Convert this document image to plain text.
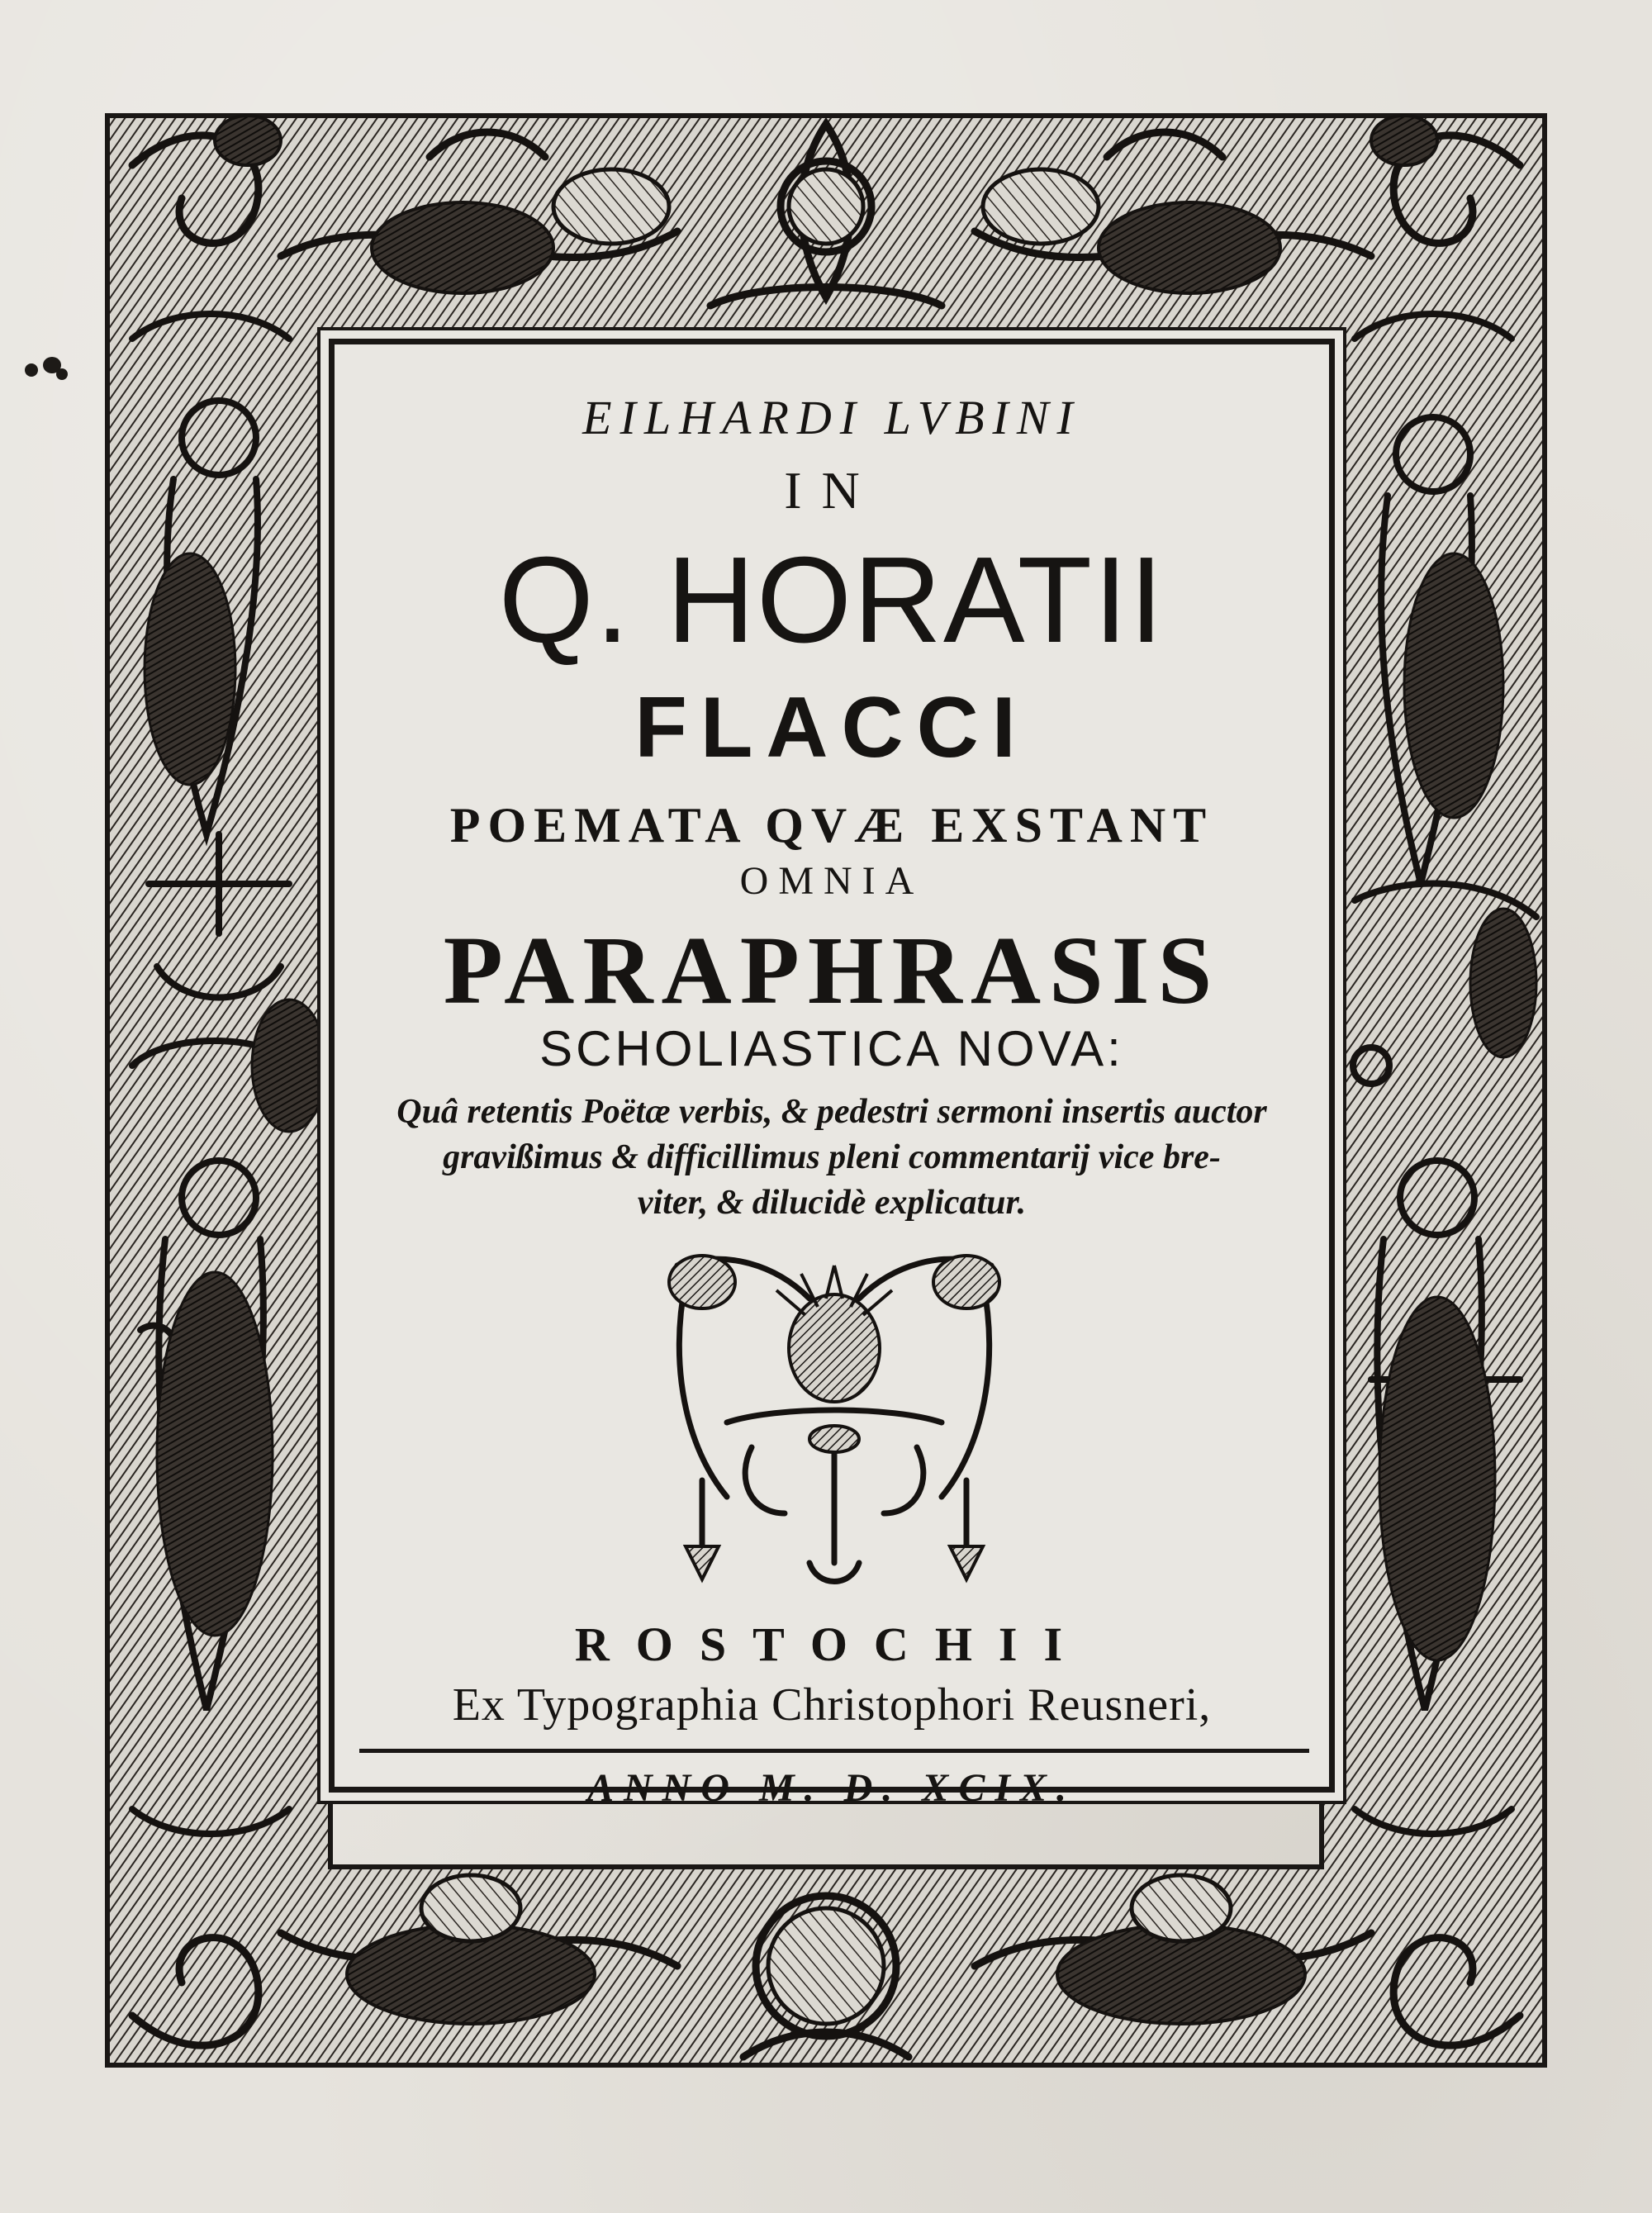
EILHARDI LVBINI
IN
Q. HORATII
FLACCI
POEMATA QVÆ EXSTANT
OMNIA
PARAPHRASIS
SCHOLIASTICA NOVA:
Quâ retentis Poëtæ verbis, & pedestri sermoni insertis auctor
gravißimus & difficillimus pleni commentarij vice bre-
viter, & dilucidè explicatur.
ROSTOCHII
Ex Typographia Christophori Reusneri,
ANNO M. D. XCIX.
